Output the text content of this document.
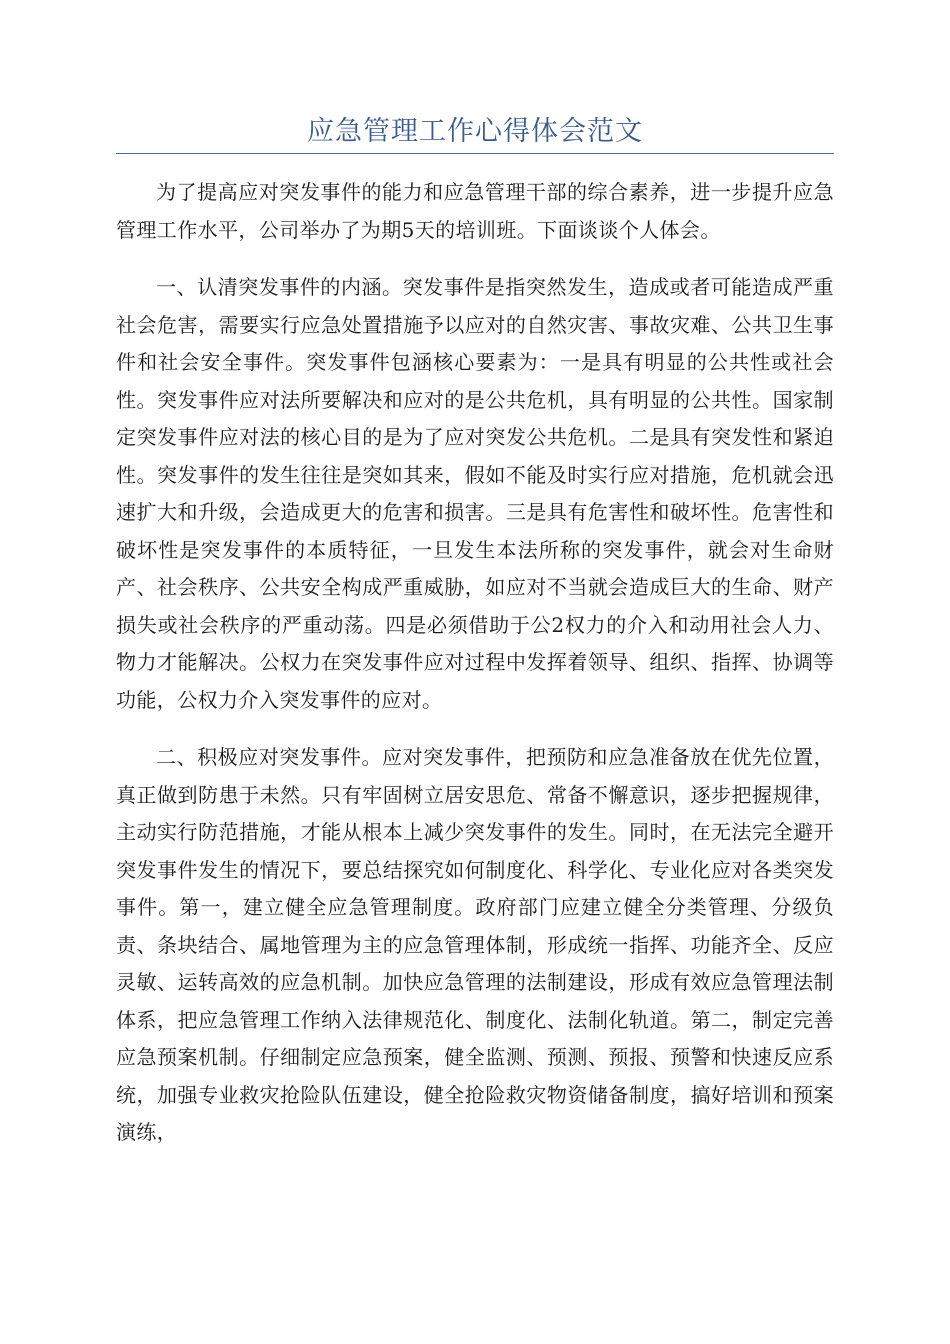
应急管理工作心得体会范文

为了提高应对突发事件的能力和应急管理干部的综合素养，进一步提升应急管理工作水平，公司举办了为期5天的培训班。下面谈谈个人体会。

一、认清突发事件的内涵。突发事件是指突然发生，造成或者可能造成严重社会危害，需要实行应急处置措施予以应对的自然灾害、事故灾难、公共卫生事件和社会安全事件。突发事件包涵核心要素为：一是具有明显的公共性或社会性。突发事件应对法所要解决和应对的是公共危机，具有明显的公共性。国家制定突发事件应对法的核心目的是为了应对突发公共危机。二是具有突发性和紧迫性。突发事件的发生往往是突如其来，假如不能及时实行应对措施，危机就会迅速扩大和升级，会造成更大的危害和损害。三是具有危害性和破坏性。危害性和破坏性是突发事件的本质特征，一旦发生本法所称的突发事件，就会对生命财产、社会秩序、公共安全构成严重威胁，如应对不当就会造成巨大的生命、财产损失或社会秩序的严重动荡。四是必须借助于公2权力的介入和动用社会人力、物力才能解决。公权力在突发事件应对过程中发挥着领导、组织、指挥、协调等功能，公权力介入突发事件的应对。

二、积极应对突发事件。应对突发事件，把预防和应急准备放在优先位置，真正做到防患于未然。只有牢固树立居安思危、常备不懈意识，逐步把握规律，主动实行防范措施，才能从根本上减少突发事件的发生。同时，在无法完全避开突发事件发生的情况下，要总结探究如何制度化、科学化、专业化应对各类突发事件。第一，建立健全应急管理制度。政府部门应建立健全分类管理、分级负责、条块结合、属地管理为主的应急管理体制，形成统一指挥、功能齐全、反应灵敏、运转高效的应急机制。加快应急管理的法制建设，形成有效应急管理法制体系，把应急管理工作纳入法律规范化、制度化、法制化轨道。第二，制定完善应急预案机制。仔细制定应急预案，健全监测、预测、预报、预警和快速反应系统，加强专业救灾抢险队伍建设，健全抢险救灾物资储备制度，搞好培训和预案演练，
